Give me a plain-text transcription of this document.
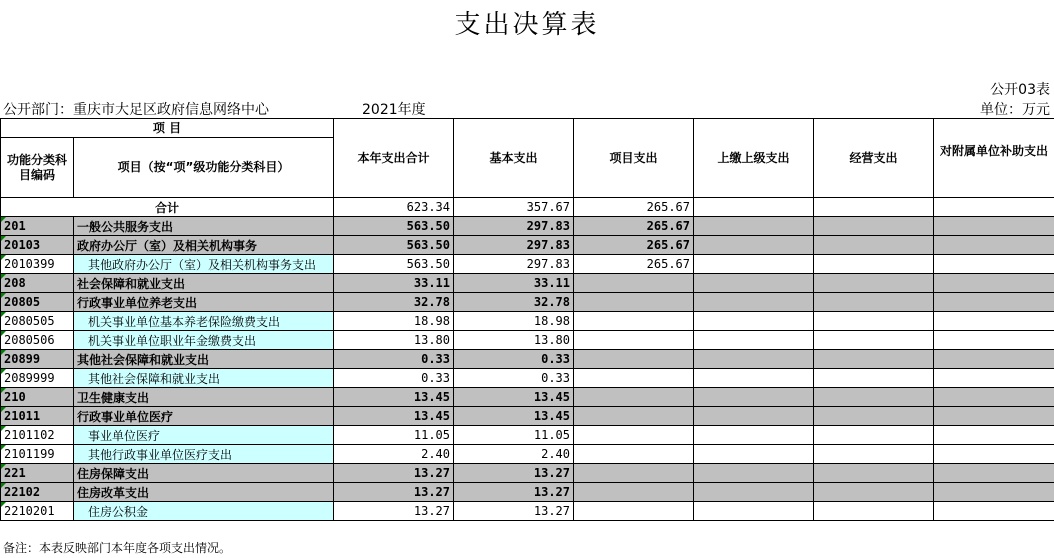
支出决算表
公开03表
公开部门：重庆市大足区政府信息网络中心	2021年度	单位：万元
项 目		本年支出合计	基本支出	项目支出	上缴上级支出	经营支出	对附属单位补助支出
功能分类科目编码	项目（按“项”级功能分类科目）						
合计		623.34	357.67	265.67			
201	一般公共服务支出	563.50	297.83	265.67			
20103	政府办公厅（室）及相关机构事务	563.50	297.83	265.67			
2010399	其他政府办公厅（室）及相关机构事务支出	563.50	297.83	265.67			
208	社会保障和就业支出	33.11	33.11				
20805	行政事业单位养老支出	32.78	32.78				
2080505	机关事业单位基本养老保险缴费支出	18.98	18.98				
2080506	机关事业单位职业年金缴费支出	13.80	13.80				
20899	其他社会保障和就业支出	0.33	0.33				
2089999	其他社会保障和就业支出	0.33	0.33				
210	卫生健康支出	13.45	13.45				
21011	行政事业单位医疗	13.45	13.45				
2101102	事业单位医疗	11.05	11.05				
2101199	其他行政事业单位医疗支出	2.40	2.40				
221	住房保障支出	13.27	13.27				
22102	住房改革支出	13.27	13.27				
2210201	住房公积金	13.27	13.27				
备注：本表反映部门本年度各项支出情况。
